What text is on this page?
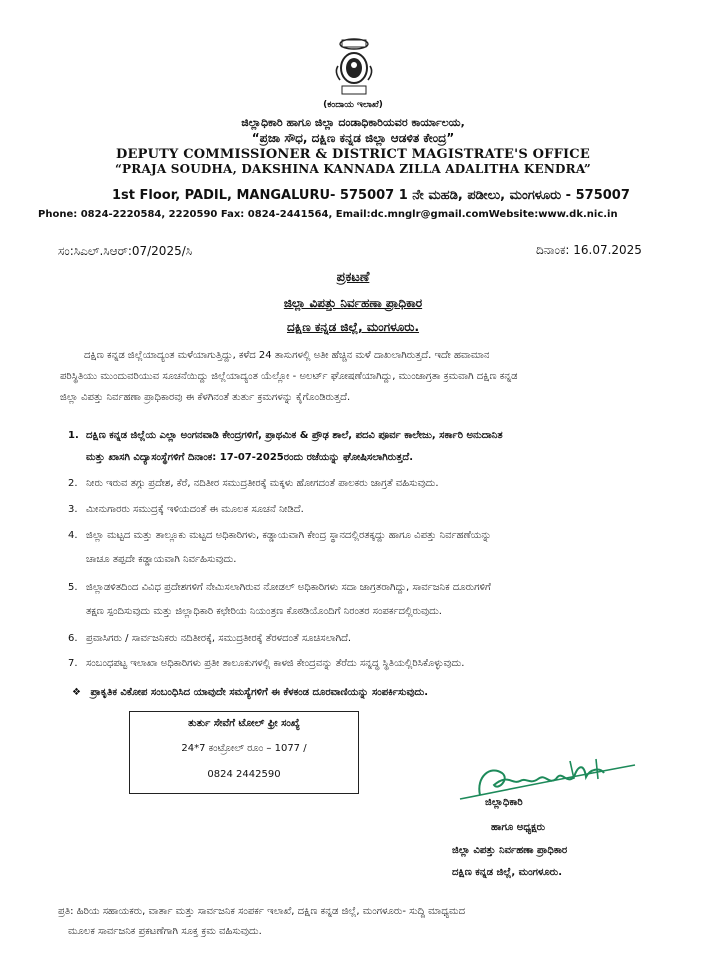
(ಕಂದಾಯ ಇಲಾಖೆ)
ಜಿಲ್ಲಾಧಿಕಾರಿ ಹಾಗೂ ಜಿಲ್ಲಾ ದಂಡಾಧಿಕಾರಿಯವರ ಕಾರ್ಯಾಲಯ,
“ಪ್ರಜಾ ಸೌಧ, ದಕ್ಷಿಣ ಕನ್ನಡ ಜಿಲ್ಲಾ ಆಡಳಿತ ಕೇಂದ್ರ”
DEPUTY COMMISSIONER & DISTRICT MAGISTRATE'S OFFICE
“PRAJA SOUDHA, DAKSHINA KANNADA ZILLA ADALITHA KENDRA”
1st Floor, PADIL, MANGALURU- 575007 1 ನೇ ಮಹಡಿ, ಪಡೀಲು, ಮಂಗಳೂರು - 575007
Phone: 0824-2220584, 2220590 Fax: 0824-2441564, Email:dc.mnglr@gmail.comWebsite:www.dk.nic.in
ಸಂ:ಸಿಎಲ್.ಸಿಆರ್:07/2025/ಸಿ	ದಿನಾಂಕ: 16.07.2025
ಪ್ರಕಟಣೆ
ಜಿಲ್ಲಾ ವಿಪತ್ತು ನಿರ್ವಹಣಾ ಪ್ರಾಧಿಕಾರ
ದಕ್ಷಿಣ ಕನ್ನಡ ಜಿಲ್ಲೆ, ಮಂಗಳೂರು.
ದಕ್ಷಿಣ ಕನ್ನಡ ಜಿಲ್ಲೆಯಾದ್ಯಂತ ಮಳೆಯಾಗುತ್ತಿದ್ದು, ಕಳೆದ 24 ತಾಸುಗಳಲ್ಲಿ ಅತೀ ಹೆಚ್ಚಿನ ಮಳೆ ದಾಖಲಾಗಿರುತ್ತದೆ. ಇದೇ ಹವಾಮಾನ
ಪರಿಸ್ಥಿತಿಯು ಮುಂದುವರಿಯುವ ಸೂಚನೆಯಿದ್ದು ಜಿಲ್ಲೆಯಾದ್ಯಂತ ಯೆಲ್ಲೋ - ಅಲರ್ಟ್ ಘೋಷಣೆಯಾಗಿದ್ದು, ಮುಂಜಾಗ್ರತಾ ಕ್ರಮವಾಗಿ ದಕ್ಷಿಣ ಕನ್ನಡ
ಜಿಲ್ಲಾ ವಿಪತ್ತು ನಿರ್ವಹಣಾ ಪ್ರಾಧಿಕಾರವು ಈ ಕೆಳಗಿನಂತೆ ತುರ್ತು ಕ್ರಮಗಳನ್ನು ಕೈಗೊಂಡಿರುತ್ತದೆ.
1. ದಕ್ಷಿಣ ಕನ್ನಡ ಜಿಲ್ಲೆಯ ಎಲ್ಲಾ ಅಂಗನವಾಡಿ ಕೇಂದ್ರಗಳಿಗೆ, ಪ್ರಾಥಮಿಕ & ಪ್ರೌಢ ಶಾಲೆ, ಪದವಿ ಪೂರ್ವ ಕಾಲೇಜು, ಸರ್ಕಾರಿ ಅನುದಾನಿತ
ಮತ್ತು ಖಾಸಗಿ ವಿದ್ಯಾಸಂಸ್ಥೆಗಳಿಗೆ ದಿನಾಂಕ: 17-07-2025ರಂದು ರಜೆಯನ್ನು ಘೋಷಿಸಲಾಗಿರುತ್ತದೆ.
2. ನೀರು ಇರುವ ತಗ್ಗು ಪ್ರದೇಶ, ಕೆರೆ, ನದಿತೀರ ಸಮುದ್ರತೀರಕ್ಕೆ ಮಕ್ಕಳು ಹೋಗದಂತೆ ಪಾಲಕರು ಜಾಗ್ರತೆ ವಹಿಸುವುದು.
3. ಮೀನುಗಾರರು ಸಮುದ್ರಕ್ಕೆ ಇಳಿಯದಂತೆ ಈ ಮೂಲಕ ಸೂಚನೆ ನೀಡಿದೆ.
4. ಜಿಲ್ಲಾ ಮಟ್ಟದ ಮತ್ತು ತಾಲ್ಲೂಕು ಮಟ್ಟದ ಅಧಿಕಾರಿಗಳು, ಕಡ್ಡಾಯವಾಗಿ ಕೇಂದ್ರ ಸ್ಥಾನದಲ್ಲಿರತಕ್ಕದ್ದು ಹಾಗೂ ವಿಪತ್ತು ನಿರ್ವಹಣೆಯನ್ನು
ಚಾಚೂ ತಪ್ಪದೇ ಕಡ್ಡಾಯವಾಗಿ ನಿರ್ವಹಿಸುವುದು.
5. ಜಿಲ್ಲಾಡಳಿತದಿಂದ ವಿವಿಧ ಪ್ರದೇಶಗಳಿಗೆ ನೇಮಿಸಲಾಗಿರುವ ನೋಡಲ್ ಅಧಿಕಾರಿಗಳು ಸದಾ ಜಾಗ್ರತರಾಗಿದ್ದು, ಸಾರ್ವಜನಿಕ ದೂರುಗಳಿಗೆ
ತಕ್ಷಣ ಸ್ಪಂದಿಸುವುದು ಮತ್ತು ಜಿಲ್ಲಾಧಿಕಾರಿ ಕಛೇರಿಯ ನಿಯಂತ್ರಣ ಕೊಠಡಿಯೊಂದಿಗೆ ನಿರಂತರ ಸಂಪರ್ಕದಲ್ಲಿರುವುದು.
6. ಪ್ರವಾಸಿಗರು / ಸಾರ್ವಜನಿಕರು ನದಿತೀರಕ್ಕೆ, ಸಮುದ್ರತೀರಕ್ಕೆ ತೆರಳದಂತೆ ಸೂಚಿಸಲಾಗಿದೆ.
7. ಸಂಬಂಧಪಟ್ಟ ಇಲಾಖಾ ಅಧಿಕಾರಿಗಳು ಪ್ರತೀ ತಾಲೂಕುಗಳಲ್ಲಿ ಕಾಳಜಿ ಕೇಂದ್ರವನ್ನು ತೆರೆದು ಸನ್ನದ್ಧ ಸ್ಥಿತಿಯಲ್ಲಿರಿಸಿಕೊಳ್ಳುವುದು.
❖ ಪ್ರಾಕೃತಿಕ ವಿಕೋಪ ಸಂಬಂಧಿಸಿದ ಯಾವುದೇ ಸಮಸ್ಯೆಗಳಿಗೆ ಈ ಕೆಳಕಂಡ ದೂರವಾಣಿಯನ್ನು ಸಂಪರ್ಕಿಸುವುದು.
ತುರ್ತು ಸೇವೆಗೆ ಟೋಲ್ ಫ್ರೀ ಸಂಖ್ಯೆ
24*7 ಕಂಟ್ರೋಲ್ ರೂಂ – 1077 /
0824 2442590
ಜಿಲ್ಲಾಧಿಕಾರಿ
ಹಾಗೂ ಅಧ್ಯಕ್ಷರು
ಜಿಲ್ಲಾ ವಿಪತ್ತು ನಿರ್ವಹಣಾ ಪ್ರಾಧಿಕಾರ
ದಕ್ಷಿಣ ಕನ್ನಡ ಜಿಲ್ಲೆ, ಮಂಗಳೂರು.
ಪ್ರತಿ: ಹಿರಿಯ ಸಹಾಯಕರು, ವಾರ್ತಾ ಮತ್ತು ಸಾರ್ವಜನಿಕ ಸಂಪರ್ಕ ಇಲಾಖೆ, ದಕ್ಷಿಣ ಕನ್ನಡ ಜಿಲ್ಲೆ, ಮಂಗಳೂರು- ಸುದ್ದಿ ಮಾಧ್ಯಮದ
ಮೂಲಕ ಸಾರ್ವಜನಿಕ ಪ್ರಕಟಣೆಗಾಗಿ ಸೂಕ್ತ ಕ್ರಮ ವಹಿಸುವುದು.
